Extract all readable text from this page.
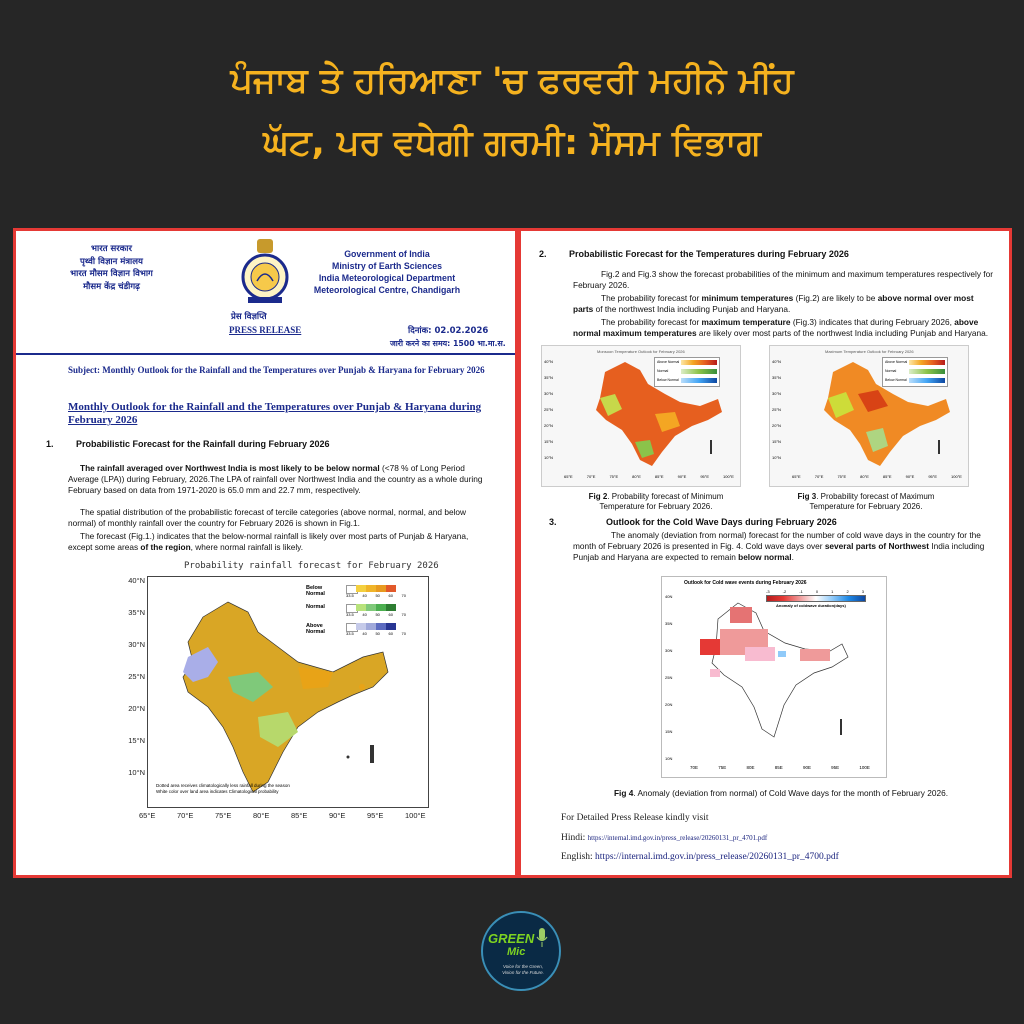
ਪੰਜਾਬ ਤੇ ਹਰਿਆਣਾ 'ਚ ਫਰਵਰੀ ਮਹੀਨੇ ਮੀਂਹ
ਘੱਟ, ਪਰ ਵਧੇਗੀ ਗਰਮੀ: ਮੌਸਮ ਵਿਭਾਗ
भारत सरकार
पृथ्वी विज्ञान मंत्रालय
भारत मौसम विज्ञान विभाग
मौसम केंद्र चंडीगढ़
Government of India
Ministry of Earth Sciences
India Meteorological Department
Meteorological Centre, Chandigarh
प्रेस विज्ञप्ति
PRESS RELEASE	दिनांक: 02.02.2026
जारी करने का समय: 1500 भा.मा.स.
Subject: Monthly Outlook for the Rainfall and the Temperatures over Punjab & Haryana for February 2026
Monthly Outlook for the Rainfall and the Temperatures over Punjab & Haryana during February 2026
1. Probabilistic Forecast for the Rainfall during February 2026

The rainfall averaged over Northwest India is most likely to be below normal (<78 % of Long Period Average (LPA)) during February, 2026.The LPA of rainfall over Northwest India and the country as a whole during February based on data from 1971-2020 is 65.0 mm and 22.7 mm, respectively.

The spatial distribution of the probabilistic forecast of tercile categories (above normal, normal, and below normal) of monthly rainfall over the country for February 2026 is shown in Fig.1.

The forecast (Fig.1.) indicates that the below-normal rainfall is likely over most parts of Punjab & Haryana, except some areas of the region, where normal rainfall is likely.

Probability rainfall forecast for February 2026
Below Normal
Normal
Above Normal
33.5 40 50 60 70
33.5 40 50 60 70
33.5 40 50 60 70
Dotted area receives climatologically less rainfall during the season
White color over land area indicates Climatological probability
40°N
35°N
30°N
25°N
20°N
15°N
10°N
65°E	70°E	75°E	80°E	85°E	90°E	95°E	100°E
2. Probabilistic Forecast for the Temperatures during February 2026

Fig.2 and Fig.3 show the forecast probabilities of the minimum and maximum temperatures respectively for February 2026.

The probability forecast for minimum temperatures (Fig.2) are likely to be above normal over most parts of the northwest India including Punjab and Haryana.

The probability forecast for maximum temperature (Fig.3) indicates that during February 2026, above normal maximum temperatures are likely over most parts of the northwest India including Punjab and Haryana.

Monsoon Temperature Outlook for February 2026
Above Normal
Normal
Below Normal
40°N
35°N
30°N
25°N
20°N
15°N
10°N
65°E	70°E	75°E	80°E	85°E	90°E	95°E	100°E
Fig 2. Probability forecast of Minimum Temperature for February 2026.
Maximum Temperature Outlook for February 2026
Above Normal
Normal
Below Normal
40°N
35°N
30°N
25°N
20°N
15°N
10°N
65°E	70°E	75°E	80°E	85°E	90°E	95°E	100°E
Fig 3. Probability forecast of Maximum Temperature for February 2026.
3.	Outlook for the Cold Wave Days during February 2026

The anomaly (deviation from normal) forecast for the number of cold wave days in the country for the month of February 2026 is presented in Fig. 4. Cold wave days over several parts of Northwest India including Punjab and Haryana are expected to remain below normal.

Outlook for Cold wave events during February 2026
-3	-2	-1	0	1	2	3
Anomaly of coldwave duration(days)
40N
35N
30N
25N
20N
15N
10N
70E	75E	80E	85E	90E	95E	100E
Fig 4. Anomaly (deviation from normal) of Cold Wave days for the month of February 2026.
For Detailed Press Release kindly visit
Hindi: https://internal.imd.gov.in/press_release/20260131_pr_4701.pdf
English: https://internal.imd.gov.in/press_release/20260131_pr_4700.pdf
GREEN
Mic
Voice for the Green,
Vision for the Future.
